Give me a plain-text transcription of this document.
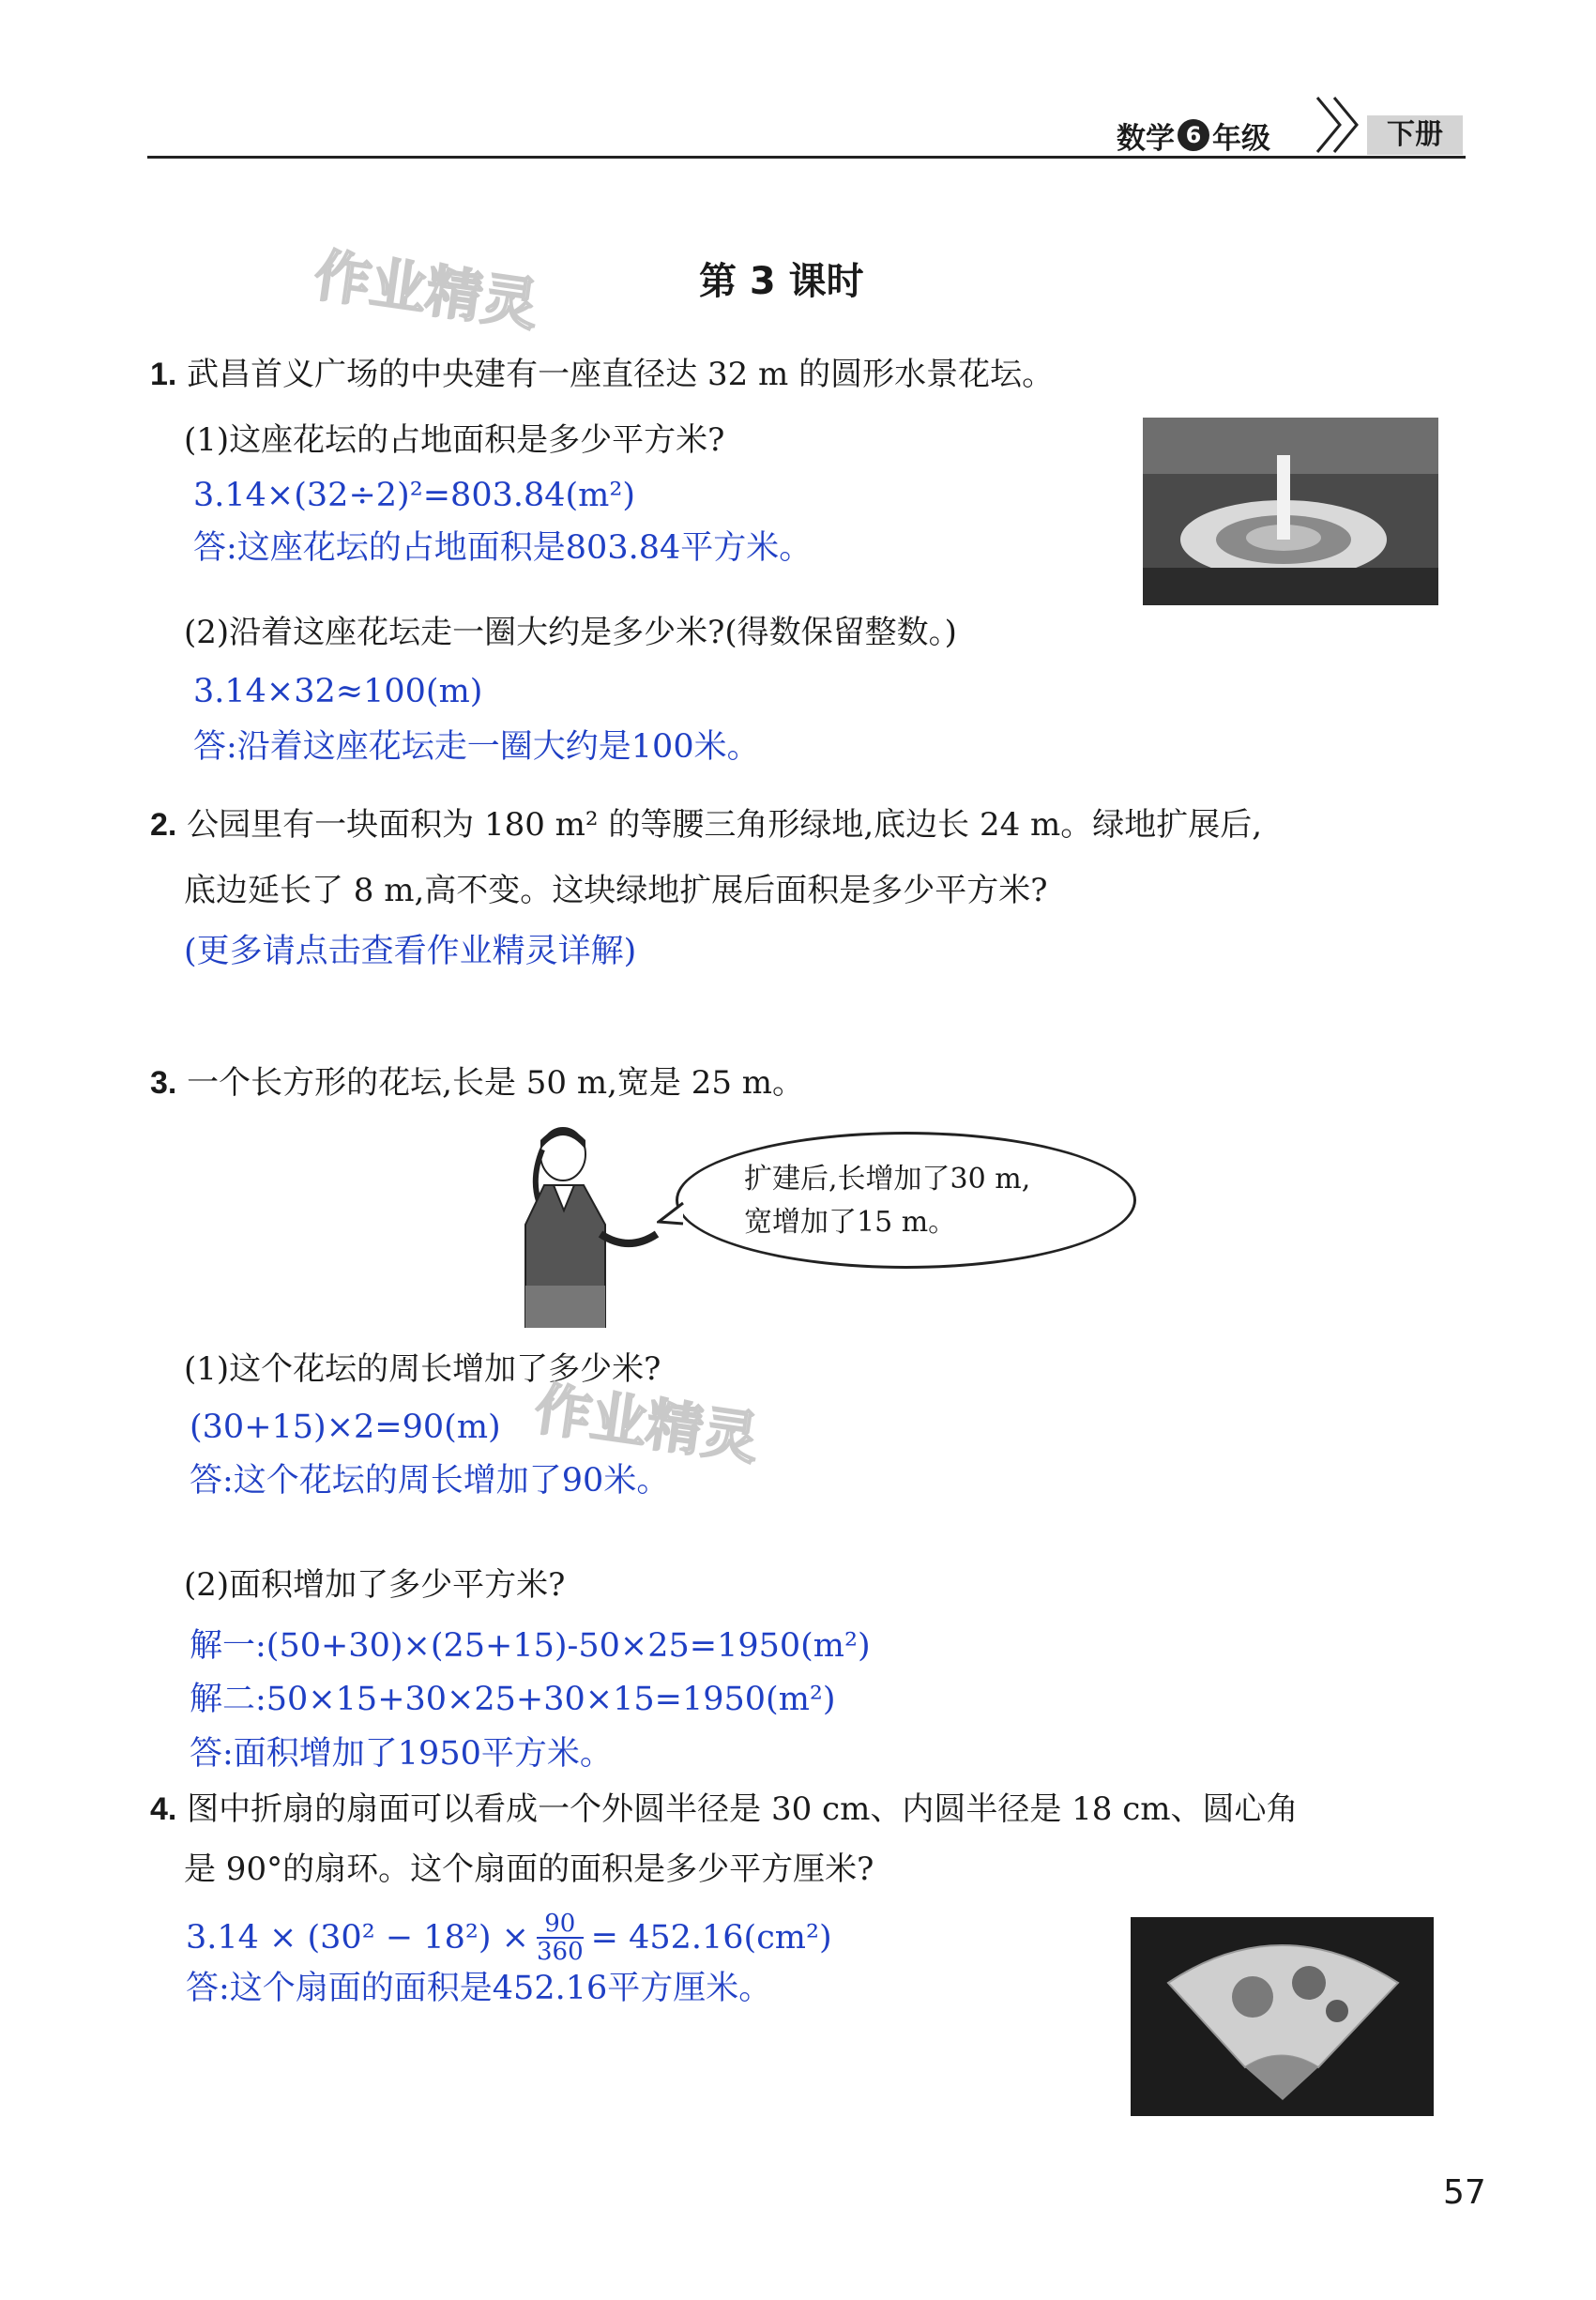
数学 6 年级	下册
作业精灵	第 3 课时
1. 武昌首义广场的中央建有一座直径达 32 m 的圆形水景花坛。
(1)这座花坛的占地面积是多少平方米?
3.14×(32÷2)²=803.84(m²)
答:这座花坛的占地面积是803.84平方米。
(2)沿着这座花坛走一圈大约是多少米?(得数保留整数。)
3.14×32≈100(m)
答:沿着这座花坛走一圈大约是100米。
2. 公园里有一块面积为 180 m² 的等腰三角形绿地,底边长 24 m。绿地扩展后,
底边延长了 8 m,高不变。这块绿地扩展后面积是多少平方米?
(更多请点击查看作业精灵详解)
3. 一个长方形的花坛,长是 50 m,宽是 25 m。
扩建后,长增加了30 m,
宽增加了15 m。
(1)这个花坛的周长增加了多少米?
作业精灵
(30+15)×2=90(m)
答:这个花坛的周长增加了90米。
(2)面积增加了多少平方米?
解一:(50+30)×(25+15)-50×25=1950(m²)
解二:50×15+30×25+30×15=1950(m²)
答:面积增加了1950平方米。
4. 图中折扇的扇面可以看成一个外圆半径是 30 cm、内圆半径是 18 cm、圆心角
是 90°的扇环。这个扇面的面积是多少平方厘米?
$3.14 \times (30^2 - 18^2) \times \frac{90}{360} = 452.16(cm^2)$
答:这个扇面的面积是452.16平方厘米。
57
